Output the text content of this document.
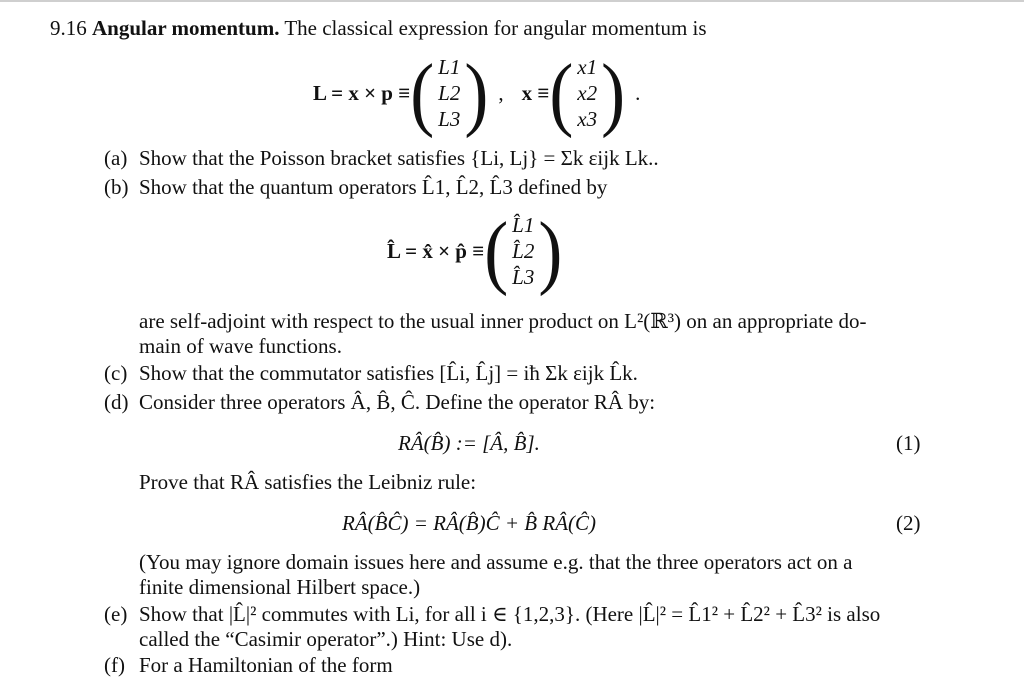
9.16 Angular momentum. The classical expression for angular momentum is
L = x × p ≡ ( L1
L2
L3 ) , x ≡ ( x1
x2
x3 ) .
(a) Show that the Poisson bracket satisfies {Li, Lj} = Σk εijk Lk..
(b) Show that the quantum operators L̂1, L̂2, L̂3 defined by
L̂ = x̂ × p̂ ≡ ( L̂1
L̂2
L̂3 )
are self-adjoint with respect to the usual inner product on L²(ℝ³) on an appropriate do-
main of wave functions.
(c) Show that the commutator satisfies [L̂i, L̂j] = iħ Σk εijk L̂k.
(d) Consider three operators Â, B̂, Ĉ. Define the operator RÂ by:
RÂ(B̂) := [Â, B̂].	(1)
Prove that RÂ satisfies the Leibniz rule:
RÂ(B̂Ĉ) = RÂ(B̂)Ĉ + B̂ RÂ(Ĉ)	(2)
(You may ignore domain issues here and assume e.g. that the three operators act on a
finite dimensional Hilbert space.)
(e) Show that |L̂|² commutes with Li, for all i ∈ {1,2,3}. (Here |L̂|² = L̂1² + L̂2² + L̂3² is also
called the “Casimir operator”.) Hint: Use d).
(f) For a Hamiltonian of the form
